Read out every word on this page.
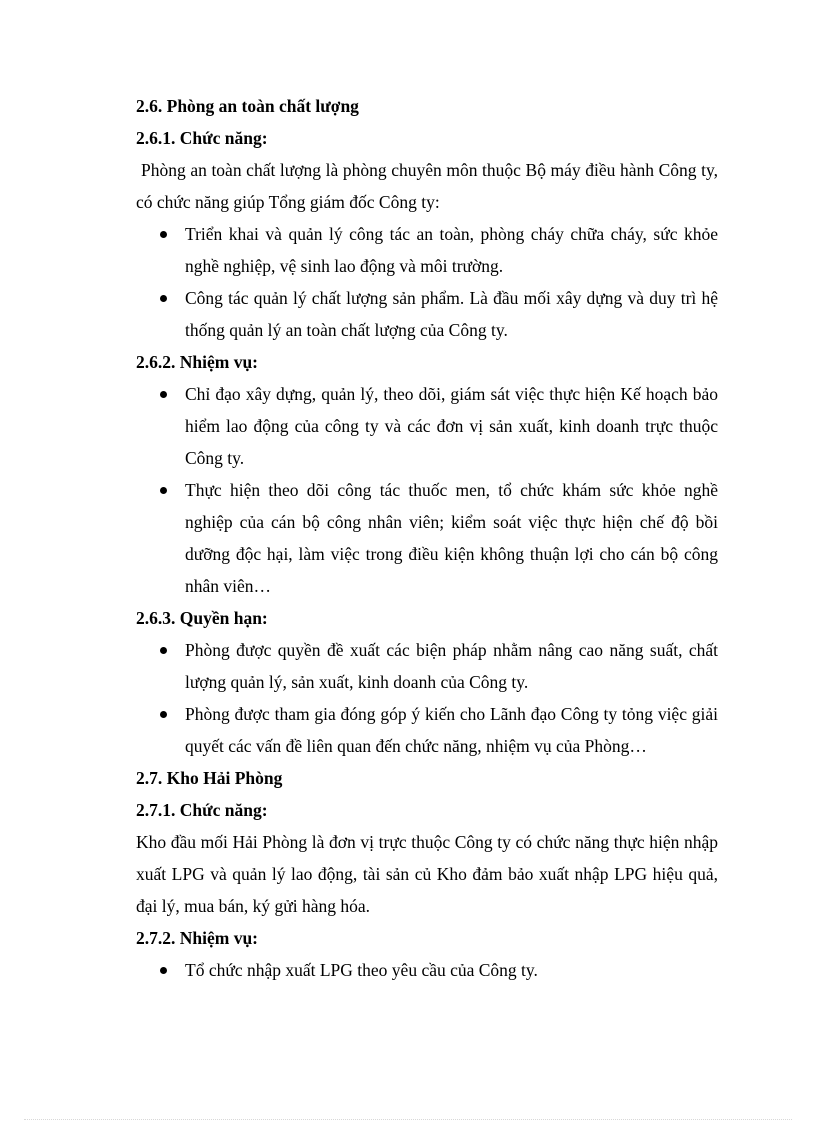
2.6. Phòng an toàn chất lượng
2.6.1. Chức năng:
Phòng an toàn chất lượng là phòng chuyên môn thuộc Bộ máy điều hành Công ty, có chức năng giúp Tổng giám đốc Công ty:
Triển khai và quản lý công tác an toàn, phòng cháy chữa cháy, sức khỏe nghề nghiệp, vệ sinh lao động và môi trường.
Công tác quản lý chất lượng sản phẩm. Là đầu mối xây dựng và duy trì hệ thống quản lý an toàn chất lượng của Công ty.
2.6.2. Nhiệm vụ:
Chỉ đạo xây dựng, quản lý, theo dõi, giám sát việc thực hiện Kế hoạch bảo hiểm lao động của công ty và các đơn vị sản xuất, kinh doanh trực thuộc Công ty.
Thực hiện theo dõi công tác thuốc men, tổ chức khám sức khỏe nghề nghiệp của cán bộ công nhân viên; kiểm soát việc thực hiện chế độ bồi dưỡng độc hại, làm việc trong điều kiện không thuận lợi cho cán bộ công nhân viên…
2.6.3. Quyền hạn:
Phòng được quyền đề xuất các biện pháp nhằm nâng cao năng suất, chất lượng quản lý, sản xuất, kinh doanh của Công ty.
Phòng được tham gia đóng góp ý kiến cho Lãnh đạo Công ty tỏng việc giải quyết các vấn đề liên quan đến chức năng, nhiệm vụ của Phòng…
2.7. Kho Hải Phòng
2.7.1. Chức năng:
Kho đầu mối Hải Phòng là đơn vị trực thuộc Công ty có chức năng thực hiện nhập xuất LPG và quản lý lao động, tài sản củ Kho đảm bảo xuất nhập LPG hiệu quả, đại lý, mua bán, ký gửi hàng hóa.
2.7.2. Nhiệm vụ:
Tổ chức nhập xuất LPG theo yêu cầu của Công ty.
